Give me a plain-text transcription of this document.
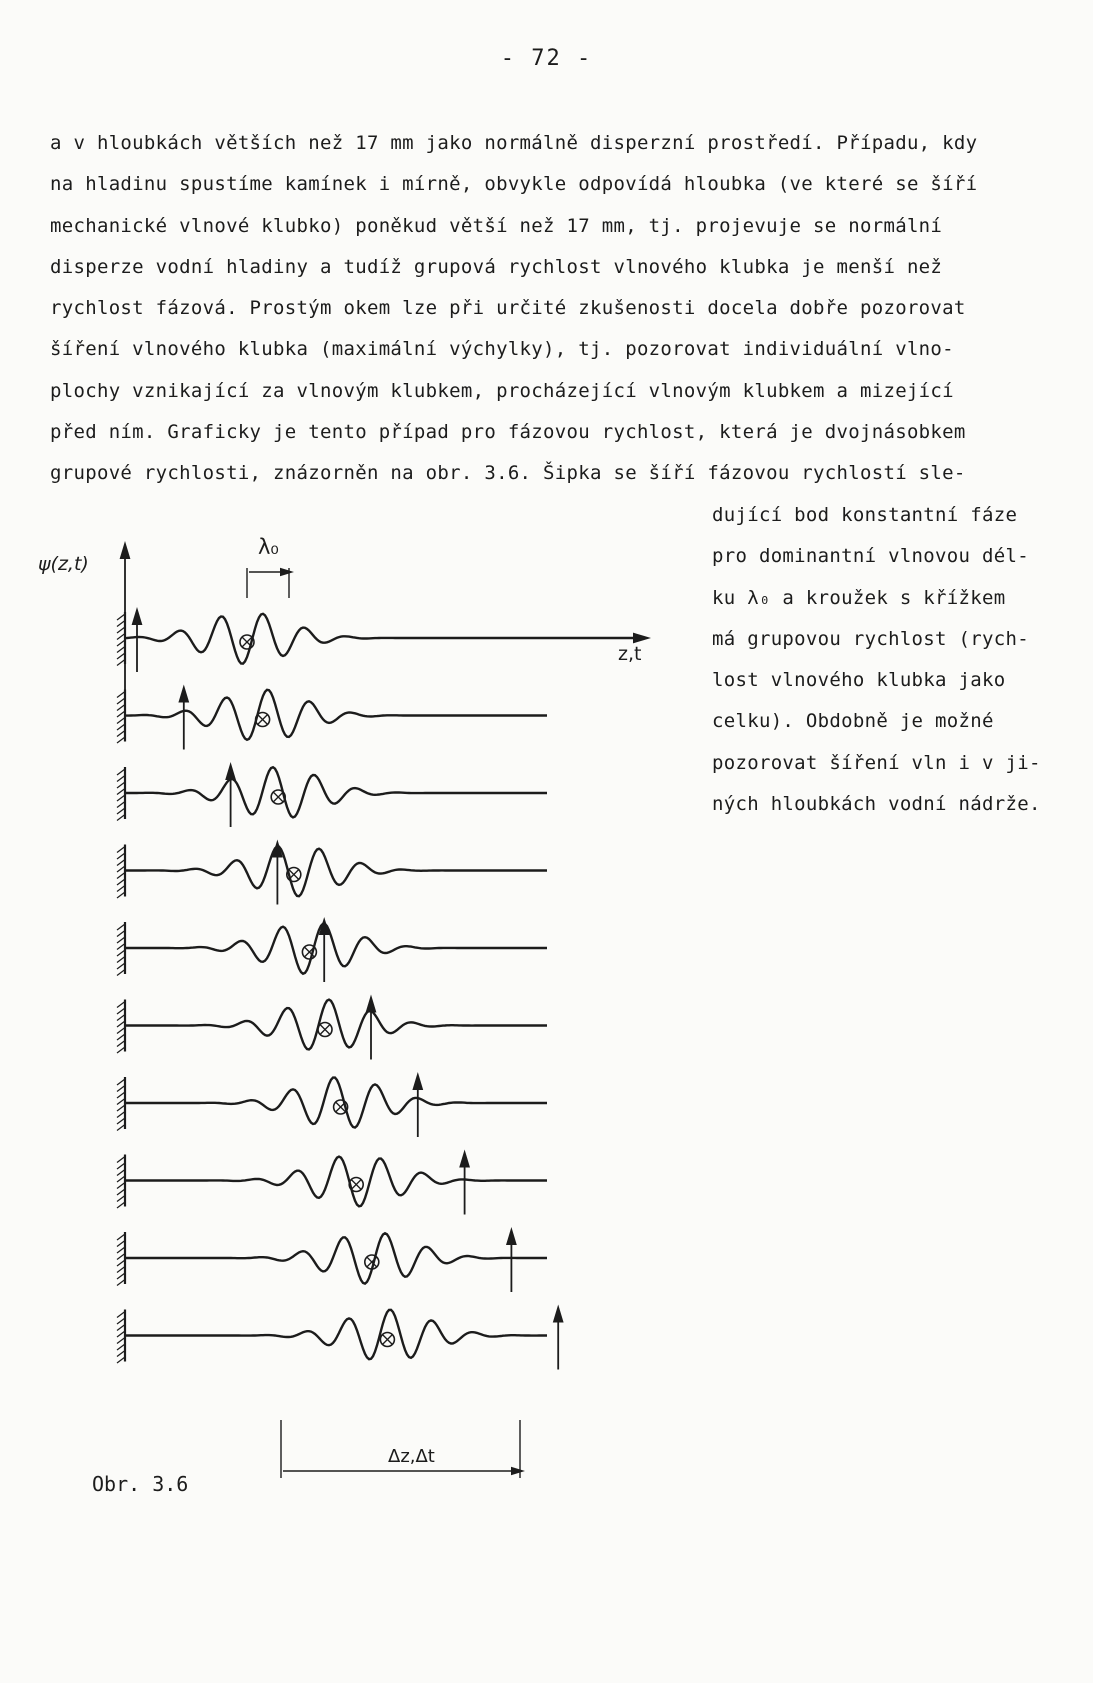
- 72 -
a v hloubkách větších než 17 mm jako normálně disperzní prostředí. Případu, kdy
na hladinu spustíme kamínek i mírně, obvykle odpovídá hloubka (ve které se šíří
mechanické vlnové klubko) poněkud větší než 17 mm, tj. projevuje se normální
disperze vodní hladiny a tudíž grupová rychlost vlnového klubka je menší než
rychlost fázová. Prostým okem lze při určité zkušenosti docela dobře pozorovat
šíření vlnového klubka (maximální výchylky), tj. pozorovat individuální vlno-
plochy vznikající za vlnovým klubkem, procházející vlnovým klubkem a mizející
před ním. Graficky je tento případ pro fázovou rychlost, která je dvojnásobkem
grupové rychlosti, znázorněn na obr. 3.6. Šipka se šíří fázovou rychlostí sle-
dující bod konstantní fáze
pro dominantní vlnovou dél-
ku λ₀ a kroužek s křížkem
má grupovou rychlost (rych-
lost vlnového klubka jako
celku). Obdobně je možné
pozorovat šíření vln i v ji-
ných hloubkách vodní nádrže.
ψ(z,t)
z,t
λ₀
Δz,Δt
Obr. 3.6
